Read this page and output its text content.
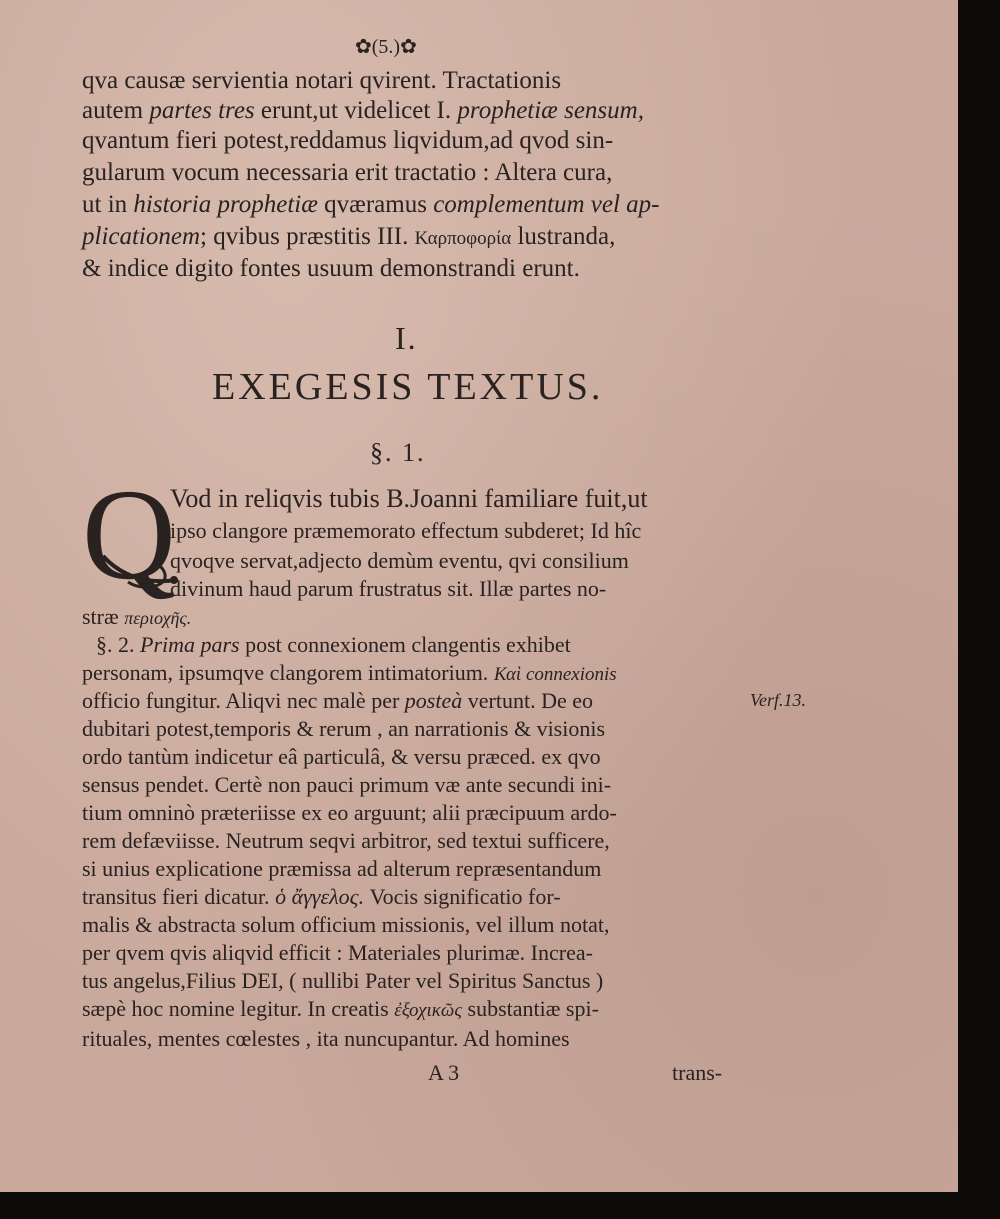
✿(5.)✿
qva causæ servientia notari qvirent. Tractationis
autem partes tres erunt,ut videlicet I. prophetiæ sensum,
qvantum fieri potest,reddamus liqvidum,ad qvod sin-
gularum vocum necessaria erit tractatio : Altera cura,
ut in historia prophetiæ qværamus complementum vel ap-
plicationem; qvibus præstitis III. Καρποφορία lustranda,
& indice digito fontes usuum demonstrandi erunt.
I.
EXEGESIS TEXTUS.
§. 1.
Q
Vod in reliqvis tubis B.Joanni familiare fuit,ut
ipso clangore præmemorato effectum subderet; Id hîc
qvoqve servat,adjecto demùm eventu, qvi consilium
divinum haud parum frustratus sit. Illæ partes no-
stræ περιοχῆς.
§. 2. Prima pars post connexionem clangentis exhibet
personam, ipsumqve clangorem intimatorium. Καὶ connexionis
officio fungitur. Aliqvi nec malè per posteà vertunt. De eo
dubitari potest,temporis & rerum , an narrationis & visionis
ordo tantùm indicetur eâ particulâ, & versu præced. ex qvo
sensus pendet. Certè non pauci primum væ ante secundi ini-
tium omninò præteriisse ex eo arguunt; alii præcipuum ardo-
rem defæviisse. Neutrum seqvi arbitror, sed textui sufficere,
si unius explicatione præmissa ad alterum repræsentandum
transitus fieri dicatur. ὁ ἄγγελος. Vocis significatio for-
malis & abstracta solum officium missionis, vel illum notat,
per qvem qvis aliqvid efficit : Materiales plurimæ. Increa-
tus angelus,Filius DEI, ( nullibi Pater vel Spiritus Sanctus )
sæpè hoc nomine legitur. In creatis ἐξοχικῶς substantiæ spi-
rituales, mentes cœlestes , ita nuncupantur. Ad homines
A 3	trans-
Verf.13.
